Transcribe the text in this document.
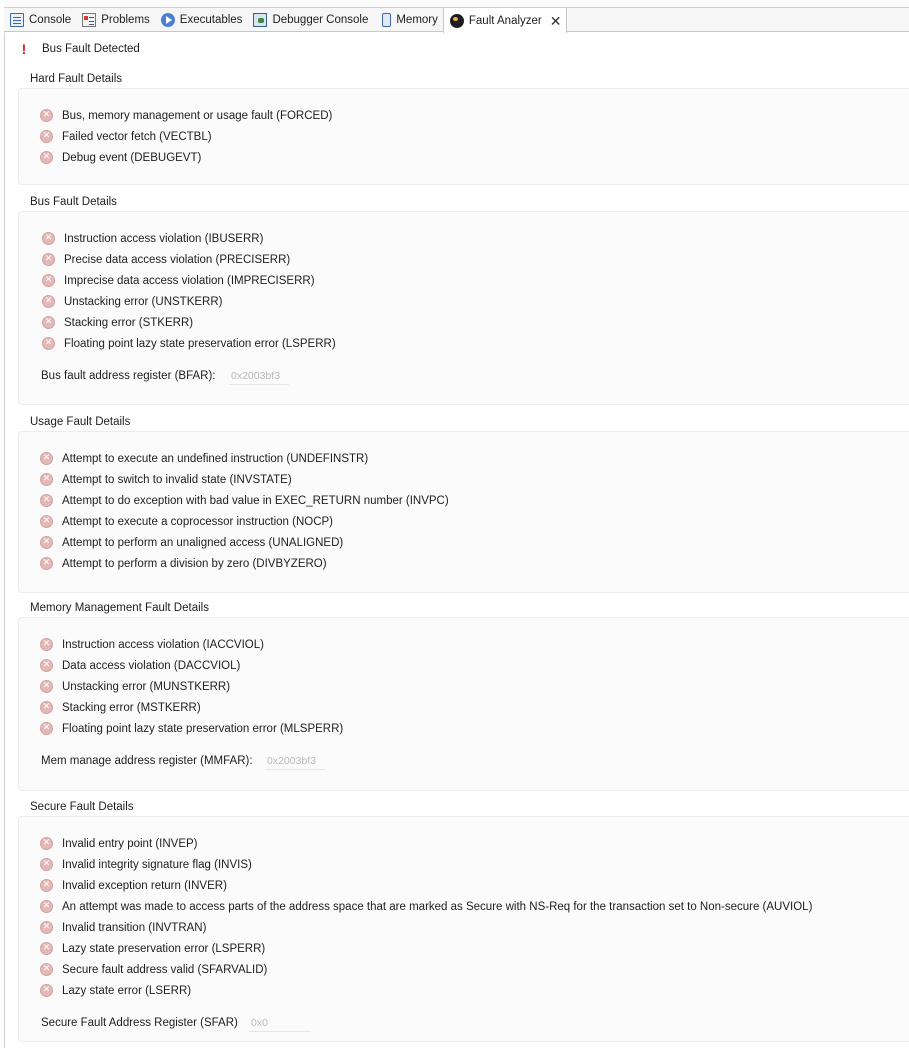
Console	Problems	Executables	Debugger Console Memory	Fault Analyzer ✕
! Bus Fault Detected
Hard Fault Details
✕ Bus, memory management or usage fault (FORCED)
✕ Failed vector fetch (VECTBL)
✕ Debug event (DEBUGEVT)
Bus Fault Details
✕ Instruction access violation (IBUSERR)
✕ Precise data access violation (PRECISERR)
✕ Imprecise data access violation (IMPRECISERR)
✕ Unstacking error (UNSTKERR)
✕ Stacking error (STKERR)
✕ Floating point lazy state preservation error (LSPERR)
Bus fault address register (BFAR): 0x2003bf3
Usage Fault Details
✕ Attempt to execute an undefined instruction (UNDEFINSTR)
✕ Attempt to switch to invalid state (INVSTATE)
✕ Attempt to do exception with bad value in EXEC_RETURN number (INVPC)
✕ Attempt to execute a coprocessor instruction (NOCP)
✕ Attempt to perform an unaligned access (UNALIGNED)
✕ Attempt to perform a division by zero (DIVBYZERO)
Memory Management Fault Details
✕ Instruction access violation (IACCVIOL)
✕ Data access violation (DACCVIOL)
✕ Unstacking error (MUNSTKERR)
✕ Stacking error (MSTKERR)
✕ Floating point lazy state preservation error (MLSPERR)
Mem manage address register (MMFAR): 0x2003bf3
Secure Fault Details
✕ Invalid entry point (INVEP)
✕ Invalid integrity signature flag (INVIS)
✕ Invalid exception return (INVER)
✕ An attempt was made to access parts of the address space that are marked as Secure with NS-Req for the transaction set to Non-secure (AUVIOL)
✕ Invalid transition (INVTRAN)
✕ Lazy state preservation error (LSPERR)
✕ Secure fault address valid (SFARVALID)
✕ Lazy state error (LSERR)
Secure Fault Address Register (SFAR) 0x0
